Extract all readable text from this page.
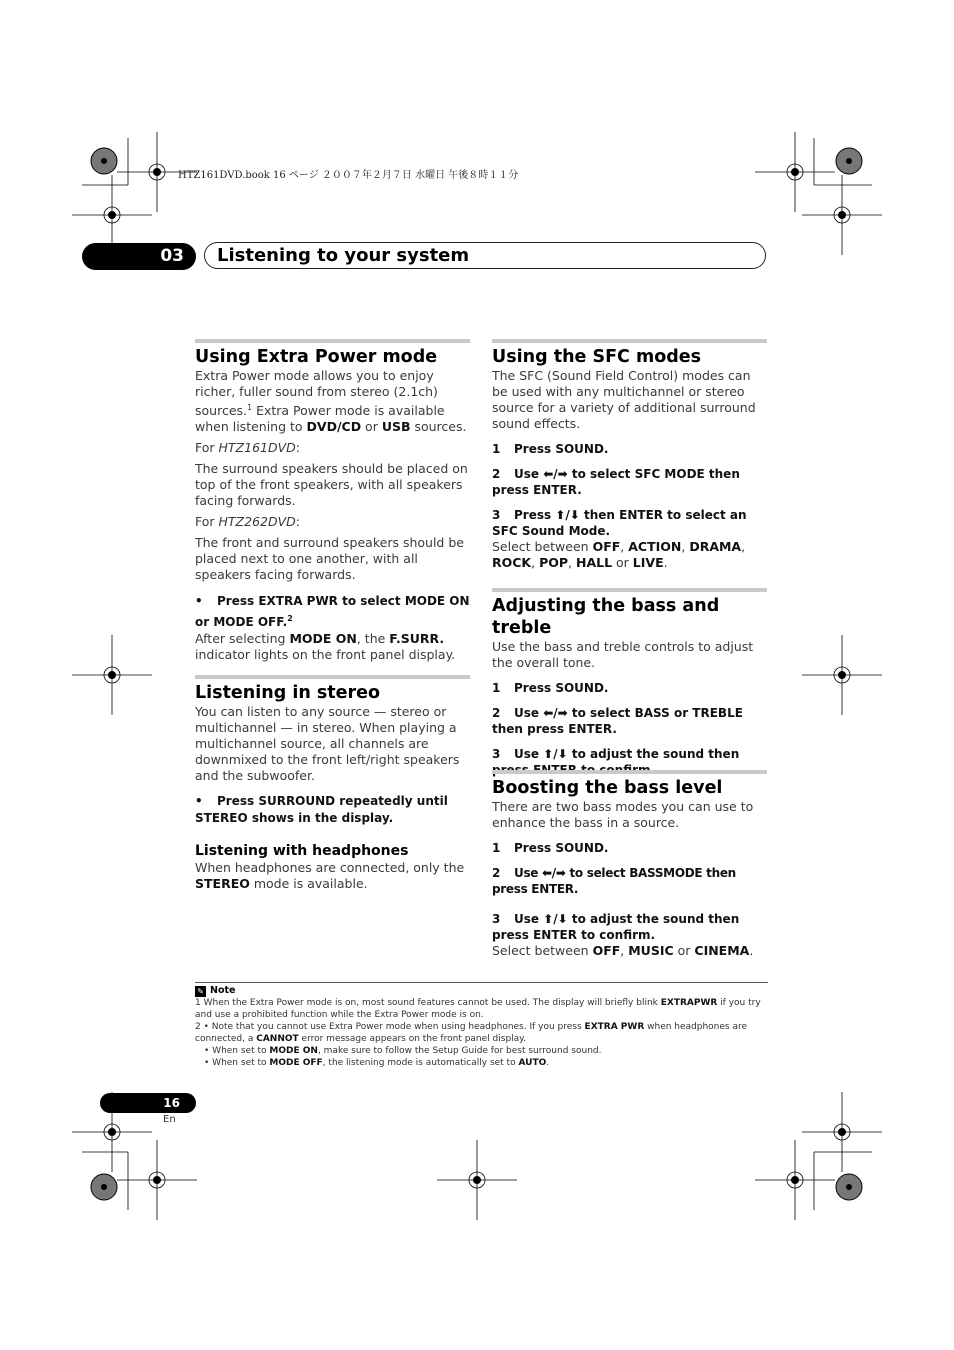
HTZ161DVD.book 16 ページ ２００７年２月７日 水曜日 午後８時１１分
03	Listening to your system
Using Extra Power mode

Extra Power mode allows you to enjoy richer, fuller sound from stereo (2.1ch) sources.$^1$ Extra Power mode is available when listening to DVD/CD or USB sources.

For HTZ161DVD:

The surround speakers should be placed on top of the front speakers, with all speakers facing forwards.

For HTZ262DVD:

The front and surround speakers should be placed next to one another, with all speakers facing forwards.

• Press EXTRA PWR to select MODE ON or MODE OFF.$^2$

After selecting MODE ON, the F.SURR. indicator lights on the front panel display.

Listening in stereo

You can listen to any source — stereo or multichannel — in stereo. When playing a multichannel source, all channels are downmixed to the front left/right speakers and the subwoofer.

• Press SURROUND repeatedly until STEREO shows in the display.

Listening with headphones

When headphones are connected, only the STEREO mode is available.

Using the SFC modes

The SFC (Sound Field Control) modes can be used with any multichannel or stereo source for a variety of additional surround sound effects.

1 Press SOUND.

2 Use ⬅/➡ to select SFC MODE then press ENTER.

3 Press ⬆/⬇ then ENTER to select an SFC Sound Mode.

Select between OFF, ACTION, DRAMA, ROCK, POP, HALL or LIVE.

Adjusting the bass and treble

Use the bass and treble controls to adjust the overall tone.

1 Press SOUND.

2 Use ⬅/➡ to select BASS or TREBLE then press ENTER.

3 Use ⬆/⬇ to adjust the sound then press ENTER to confirm.

Boosting the bass level

There are two bass modes you can use to enhance the bass in a source.

1 Press SOUND.

2 Use ⬅/➡ to select BASSMODE then press ENTER.

3 Use ⬆/⬇ to adjust the sound then press ENTER to confirm.

Select between OFF, MUSIC or CINEMA.

✎ Note

1 When the Extra Power mode is on, most sound features cannot be used. The display will briefly blink EXTRAPWR if you try and use a prohibited function while the Extra Power mode is on.

2 • Note that you cannot use Extra Power mode when using headphones. If you press EXTRA PWR when headphones are connected, a CANNOT error message appears on the front panel display.

• When set to MODE ON, make sure to follow the Setup Guide for best surround sound.

• When set to MODE OFF, the listening mode is automatically set to AUTO.

16
En
